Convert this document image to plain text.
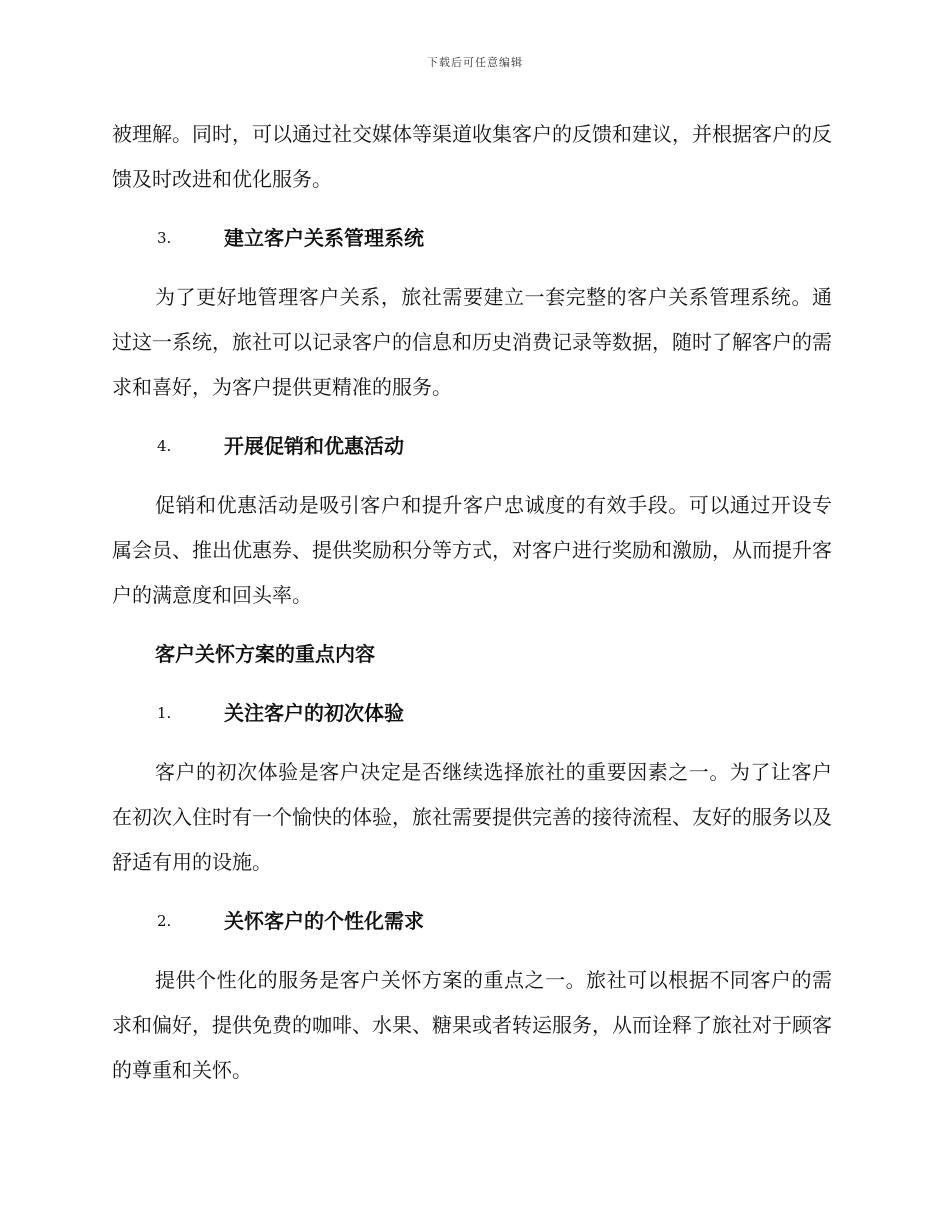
下载后可任意编辑

被理解。同时，可以通过社交媒体等渠道收集客户的反馈和建议，并根据客户的反馈及时改进和优化服务。

3.	建立客户关系管理系统

为了更好地管理客户关系，旅社需要建立一套完整的客户关系管理系统。通过这一系统，旅社可以记录客户的信息和历史消费记录等数据，随时了解客户的需求和喜好，为客户提供更精准的服务。

4.	开展促销和优惠活动

促销和优惠活动是吸引客户和提升客户忠诚度的有效手段。可以通过开设专属会员、推出优惠券、提供奖励积分等方式，对客户进行奖励和激励，从而提升客户的满意度和回头率。

客户关怀方案的重点内容
1.	关注客户的初次体验

客户的初次体验是客户决定是否继续选择旅社的重要因素之一。为了让客户在初次入住时有一个愉快的体验，旅社需要提供完善的接待流程、友好的服务以及舒适有用的设施。

2.	关怀客户的个性化需求

提供个性化的服务是客户关怀方案的重点之一。旅社可以根据不同客户的需求和偏好，提供免费的咖啡、水果、糖果或者转运服务，从而诠释了旅社对于顾客的尊重和关怀。
